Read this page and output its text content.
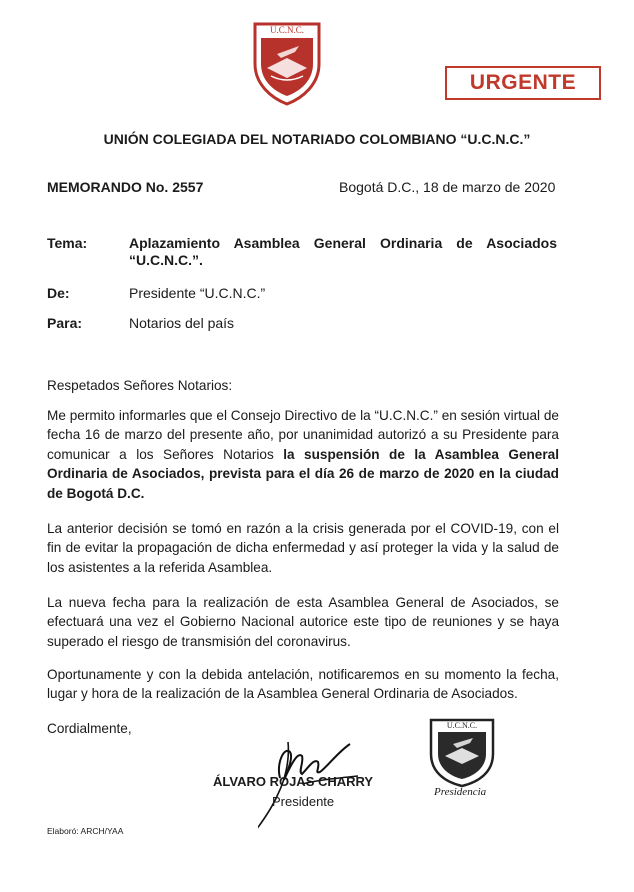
U.C.N.C.
URGENTE
UNIÓN COLEGIADA DEL NOTARIADO COLOMBIANO “U.C.N.C.”
MEMORANDO No. 2557	Bogotá D.C., 18 de marzo de 2020
Tema:	Aplazamiento Asamblea General Ordinaria de Asociados “U.C.N.C.”.
De:	Presidente “U.C.N.C.”
Para:	Notarios del país
Respetados Señores Notarios:
Me permito informarles que el Consejo Directivo de la “U.C.N.C.” en sesión virtual de fecha 16 de marzo del presente año, por unanimidad autorizó a su Presidente para comunicar a los Señores Notarios la suspensión de la Asamblea General Ordinaria de Asociados, prevista para el día 26 de marzo de 2020 en la ciudad de Bogotá D.C.
La anterior decisión se tomó en razón a la crisis generada por el COVID-19, con el fin de evitar la propagación de dicha enfermedad y así proteger la vida y la salud de los asistentes a la referida Asamblea.
La nueva fecha para la realización de esta Asamblea General de Asociados, se efectuará una vez el Gobierno Nacional autorice este tipo de reuniones y se haya superado el riesgo de transmisión del coronavirus.
Oportunamente y con la debida antelación, notificaremos en su momento la fecha, lugar y hora de la realización de la Asamblea General Ordinaria de Asociados.
Cordialmente,
ÁLVARO ROJAS CHARRY
Presidente
U.C.N.C.
Presidencia
Elaboró: ARCH/YAA
